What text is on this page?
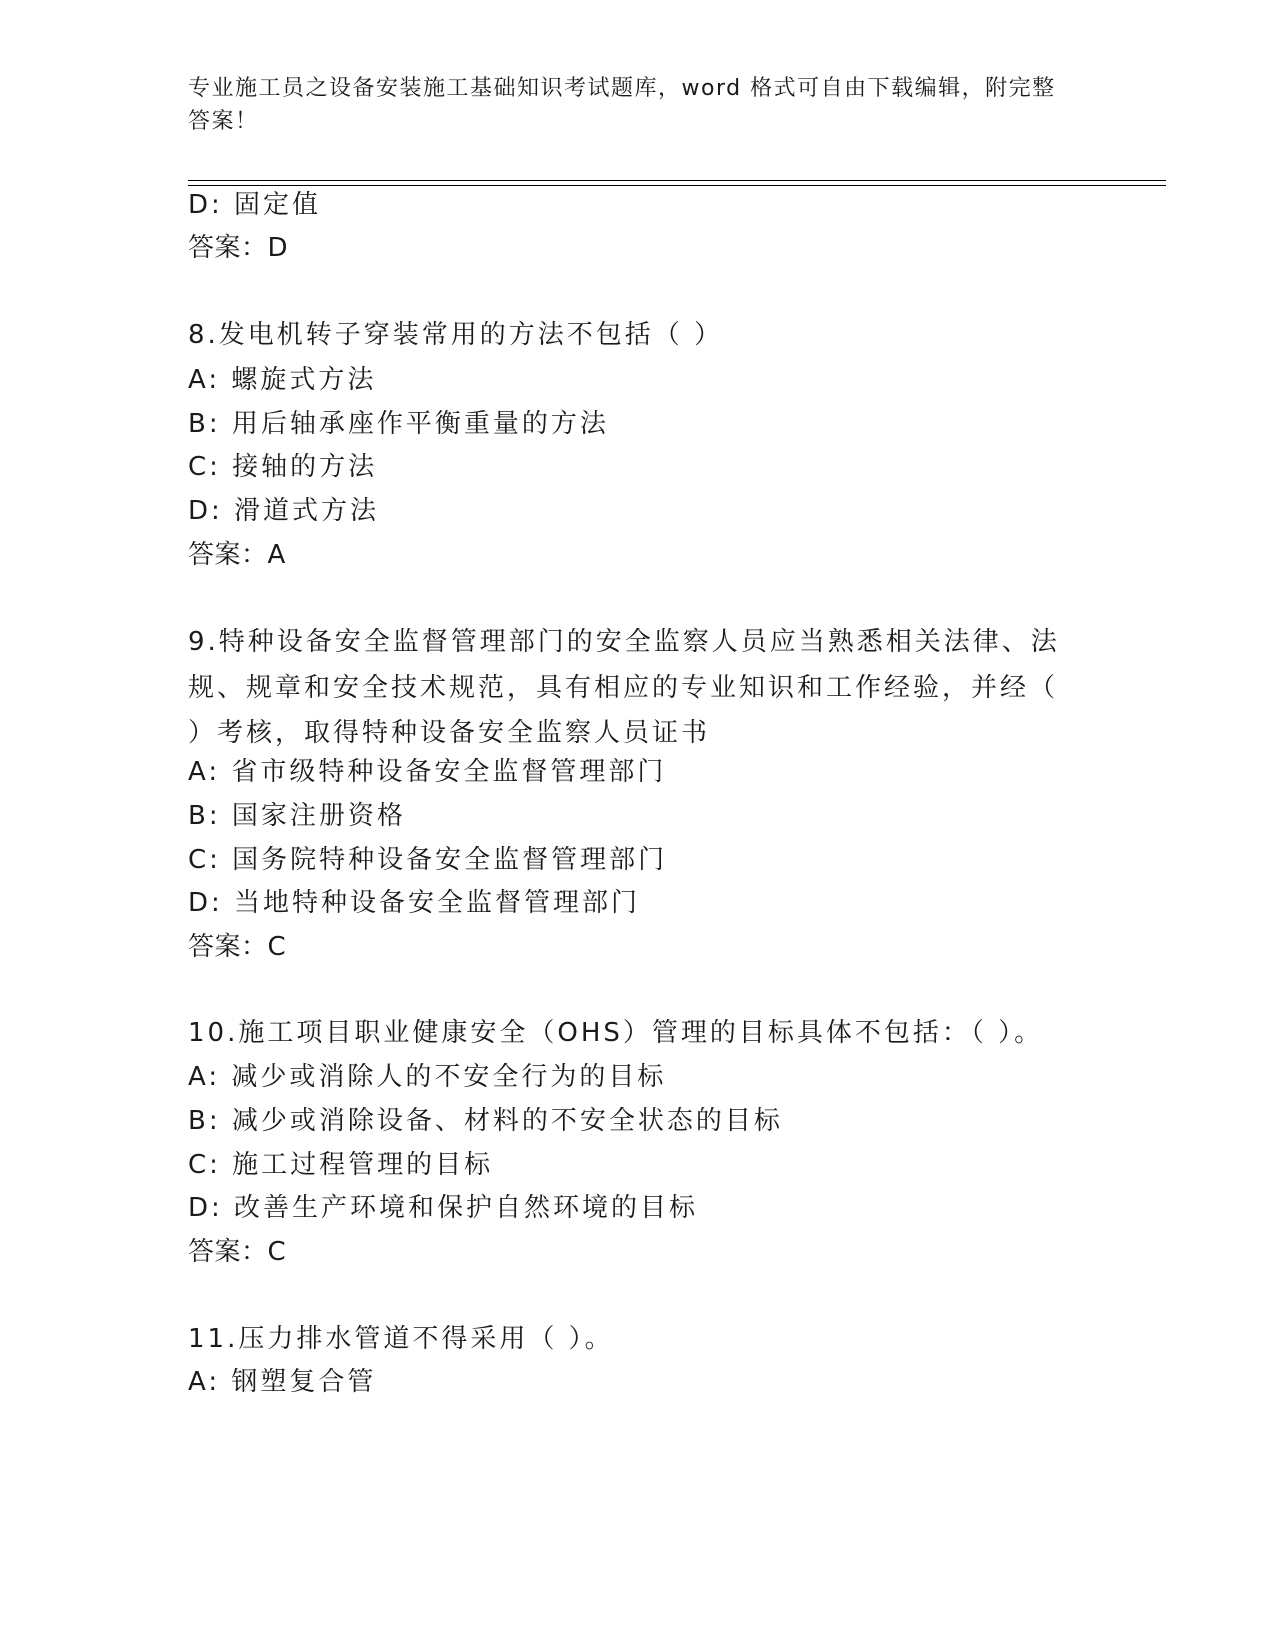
专业施工员之设备安装施工基础知识考试题库，word 格式可自由下载编辑，附完整答案！
D: 固定值
答案：D
8.发电机转子穿装常用的方法不包括（ ）
A: 螺旋式方法
B: 用后轴承座作平衡重量的方法
C: 接轴的方法
D: 滑道式方法
答案：A
9.特种设备安全监督管理部门的安全监察人员应当熟悉相关法律、法规、规章和安全技术规范，具有相应的专业知识和工作经验，并经（ ）考核，取得特种设备安全监察人员证书
A: 省市级特种设备安全监督管理部门
B: 国家注册资格
C: 国务院特种设备安全监督管理部门
D: 当地特种设备安全监督管理部门
答案：C
10.施工项目职业健康安全（OHS）管理的目标具体不包括：（ ）。
A: 减少或消除人的不安全行为的目标
B: 减少或消除设备、材料的不安全状态的目标
C: 施工过程管理的目标
D: 改善生产环境和保护自然环境的目标
答案：C
11.压力排水管道不得采用（ ）。
A: 钢塑复合管
